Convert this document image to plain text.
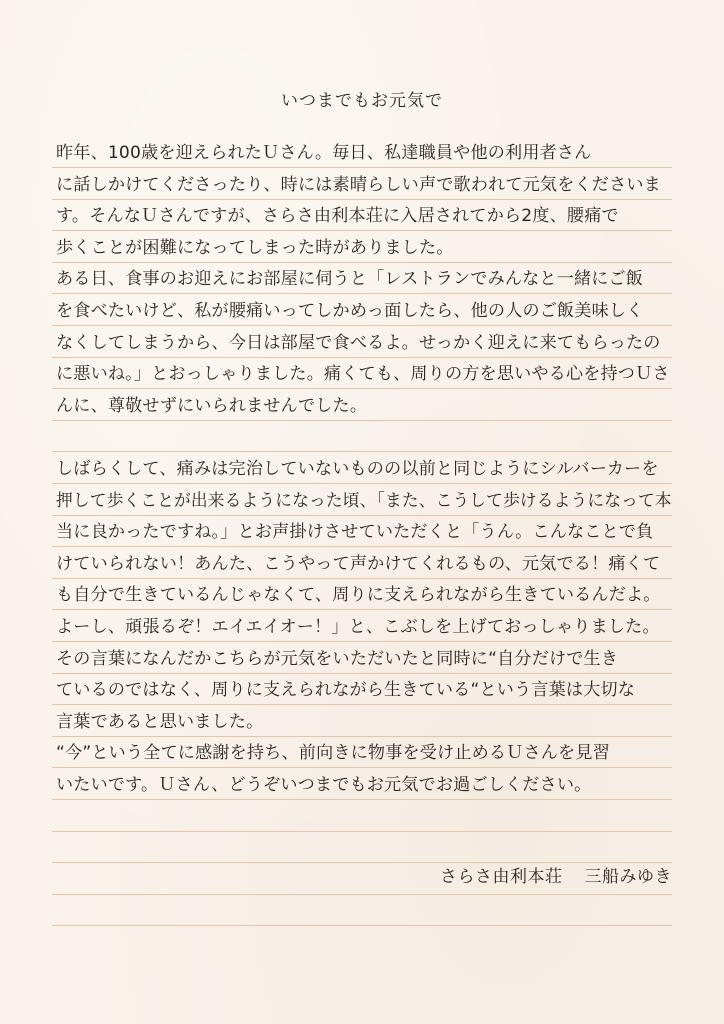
いつまでもお元気で
昨年、100歳を迎えられたＵさん。毎日、私達職員や他の利用者さん
に話しかけてくださったり、時には素晴らしい声で歌われて元気をくださいま
す。そんなＵさんですが、さらさ由利本荘に入居されてから2度、腰痛で
歩くことが困難になってしまった時がありました。
ある日、食事のお迎えにお部屋に伺うと「レストランでみんなと一緒にご飯
を食べたいけど、私が腰痛いってしかめっ面したら、他の人のご飯美味しく
なくしてしまうから、今日は部屋で食べるよ。せっかく迎えに来てもらったの
に悪いね。」とおっしゃりました。痛くても、周りの方を思いやる心を持つＵさ
んに、尊敬せずにいられませんでした。
しばらくして、痛みは完治していないものの以前と同じようにシルバーカーを
押して歩くことが出来るようになった頃、「また、こうして歩けるようになって本
当に良かったですね。」とお声掛けさせていただくと「うん。こんなことで負
けていられない！あんた、こうやって声かけてくれるもの、元気でる！痛くて
も自分で生きているんじゃなくて、周りに支えられながら生きているんだよ。
よーし、頑張るぞ！エイエイオー！」と、こぶしを上げておっしゃりました。
その言葉になんだかこちらが元気をいただいたと同時に“自分だけで生き
ているのではなく、周りに支えられながら生きている“という言葉は大切な
言葉であると思いました。
“今”という全てに感謝を持ち、前向きに物事を受け止めるＵさんを見習
いたいです。Ｕさん、どうぞいつまでもお元気でお過ごしください。
さらさ由利本荘 三船みゆき
